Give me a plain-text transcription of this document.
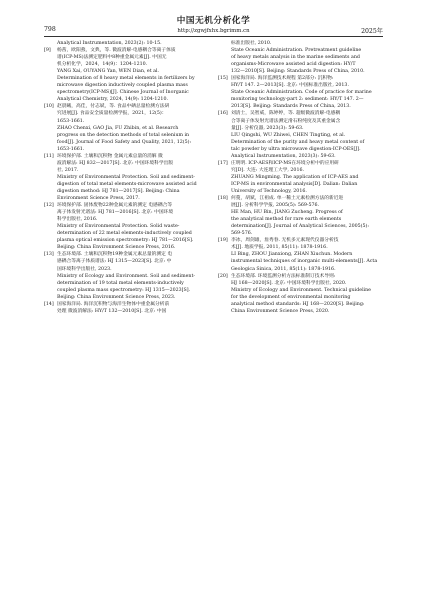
798
中国无机分析化学
http://zgwjfxhx.bgrimm.cn	2025年
Analytical Instrumentation, 2023(2): 10-15.
[9] 杨茜，欧阳燕，文典，等. 微波消解-电感耦合等离子体质
谱(ICP-MS)法测定肥料中8种重金属元素[J]. 中国无
机分析化学，2024，14(9)：1204-1210.
YANG Xai, OUYANG Yan, WEN Dian, et al.
Determination of 8 heavy metal elements in fertilizers by
microwave digestion inductively coupled plasma mass
spectrometry(ICP-MS)[J]. Chinese Journal of Inorganic
Analytical Chemistry, 2024, 14(9): 1204-1210.
[10] 赵晨曦，高佳，付志斌，等. 食品中硒总量检测方法研
究进展[J]. 食品安全质量检测学报，2021，12(5)：
1653-1661.
ZHAO Chenxi, GAO Jia, FU Zhibin, et al. Research
progress on the detection methods of total selenium in
food[J]. Journal of Food Safety and Quality, 2021, 12(5):
1653-1661.
[11] 环境保护部. 土壤和沉积物 金属元素总量的消解 微
波消解法: HJ 832—2017[S]. 北京: 中国环境科学出版
社, 2017.
Ministry of Environmental Protection. Soil and sediment-
digestion of total metal elements-microwave assisted acid
digestion method: HJ 781—2017[S]. Beijing: China
Environment Science Press, 2017.
[12] 环境保护部. 固体废物22种金属元素的测定 电感耦合等
离子体发射光谱法: HJ 781—2016[S]. 北京: 中国环境
科学出版社, 2016.
Ministry of Environmental Protection. Solid waste-
determination of 22 metal elements-inductively coupled
plasma optical emission spectrometry: HJ 781—2016[S].
Beijing: China Environment Science Press, 2016.
[13] 生态环境部. 土壤和沉积物19种金属元素总量的测定 电
感耦合等离子体质谱法: HJ 1315—2023[S]. 北京: 中
国环境科学出版社, 2023.
Ministry of Ecology and Environment. Soil and sediment-
determination of 19 total metal elements-inductively
coupled plasma mass spectrometry: HJ 1315—2023[S].
Beijing: China Environment Science Press, 2023.
[14] 国家海洋局. 海洋沉积物与海洋生物体中重金属分析前
处理 微波消解法: HY/T 132—2010[S]. 北京: 中国
标准出版社, 2010.
State Oceanic Administration. Pretreatment guideline
of heavy metals analysis in the marine sediments and
organisms-Microwave assisted acid digestion: HY/T
132—2010[S]. Beijing: Standards Press of China, 2010.
[15] 国家海洋局. 海洋监测技术规程 第2部分: 沉积物:
HY/T 147. 2—2013[S]. 北京: 中国标准出版社, 2013.
State Oceanic Administration. Code of practice for marine
monitoring technology-part 2: sediment: HY/T 147. 2—
2013[S]. Beijing: Standards Press of China, 2013.
[16] 刘清士，吴智威，陈婷婷，等. 超级微波消解-电感耦
合等离子体发射光谱法测定滑石粉纯度及其重金属含
量[J]. 分析仪器, 2023(3): 59-63.
LIU Qingshi, WU Zhiwei, CHEN Tingting, et al.
Determination of the purity and heavy metal content of
talc powder by ultra microwave digestion-ICP-OES[J].
Analytical Instrumentation, 2023(3): 59-63.
[17] 庄明明. ICP-AES和ICP-MS在环境分析中的应用研
究[D]. 大连: 大连理工大学, 2016.
ZHUANG Mingming. The application of ICP-AES and
ICP-MS in environmental analysis[D]. Dalian: Dalian
University of Technology, 2016.
[18] 何蔓，胡斌，江祖成. 单一稀土元素检测方法的新近进
展[J]. 分析科学学报, 2005(5): 569-576.
HE Man, HU Bin, JIANG Zucheng. Progress of
the analytical method for rare earth elements
determination[J]. Journal of Analytical Sciences, 2005(5):
569-576.
[19] 李冰，周剑雄，詹秀春. 无机多元素现代仪器分析技
术[J]. 地质学报, 2011, 85(11): 1878-1916.
LI Bing, ZHOU Jianxiong, ZHAN Xiuchun. Modern
instrumental techniques of inorganic multi-elements[J]. Acta
Geologica Sinica, 2011, 85(11): 1878-1916.
[20] 生态环境部. 环境监测分析方法标准制订技术导则:
HJ 168—2020[S]. 北京: 中国环境科学出版社, 2020.
Ministry of Ecology and Environment. Technical guideline
for the development of environmental monitoring
analytical method standards: HJ 168—2020[S]. Beijing:
China Environment Science Press, 2020.
